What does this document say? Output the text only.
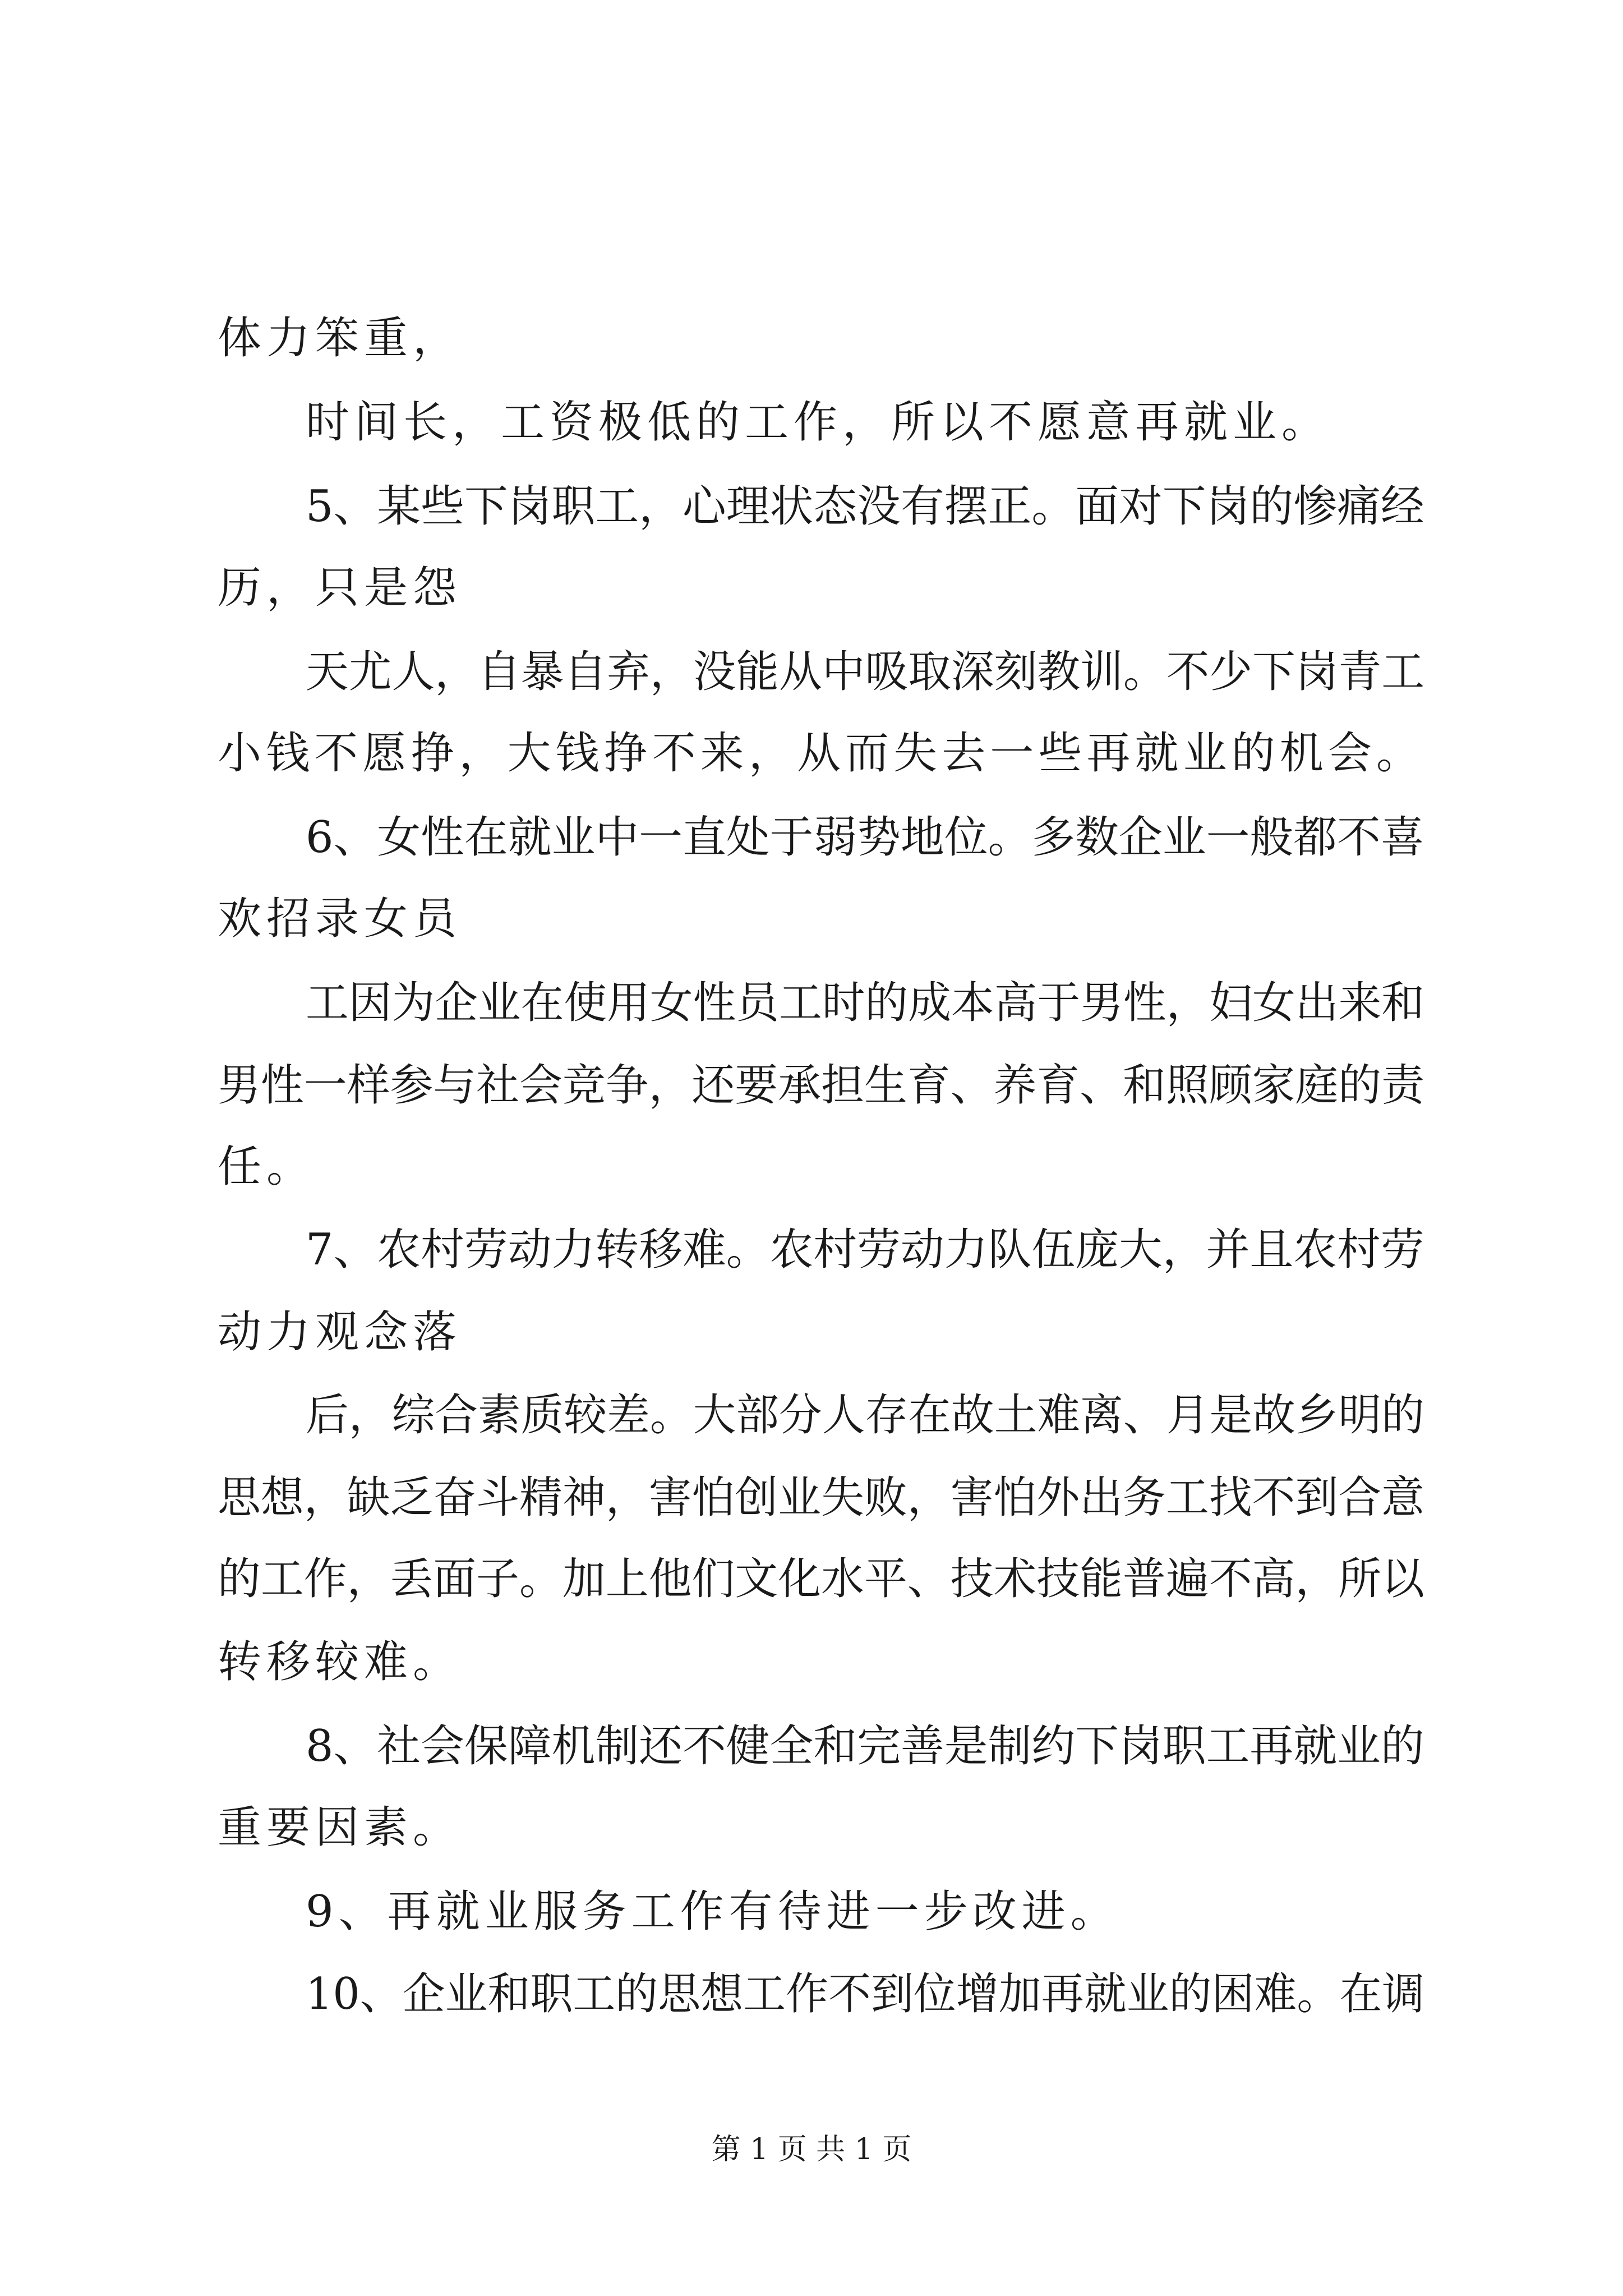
体力笨重，
时间长，工资极低的工作，所以不愿意再就业。
5、某些下岗职工，心理状态没有摆正。面对下岗的惨痛经
历，只是怨
天尤人，自暴自弃，没能从中吸取深刻教训。不少下岗青工
小钱不愿挣，大钱挣不来，从而失去一些再就业的机会。
6、女性在就业中一直处于弱势地位。多数企业一般都不喜
欢招录女员
工因为企业在使用女性员工时的成本高于男性，妇女出来和
男性一样参与社会竞争，还要承担生育、养育、和照顾家庭的责
任。
7、农村劳动力转移难。农村劳动力队伍庞大，并且农村劳
动力观念落
后，综合素质较差。大部分人存在故土难离、月是故乡明的
思想，缺乏奋斗精神，害怕创业失败，害怕外出务工找不到合意
的工作，丢面子。加上他们文化水平、技术技能普遍不高，所以
转移较难。
8、社会保障机制还不健全和完善是制约下岗职工再就业的
重要因素。
9、再就业服务工作有待进一步改进。
10、企业和职工的思想工作不到位增加再就业的困难。在调
第 1 页 共 1 页
